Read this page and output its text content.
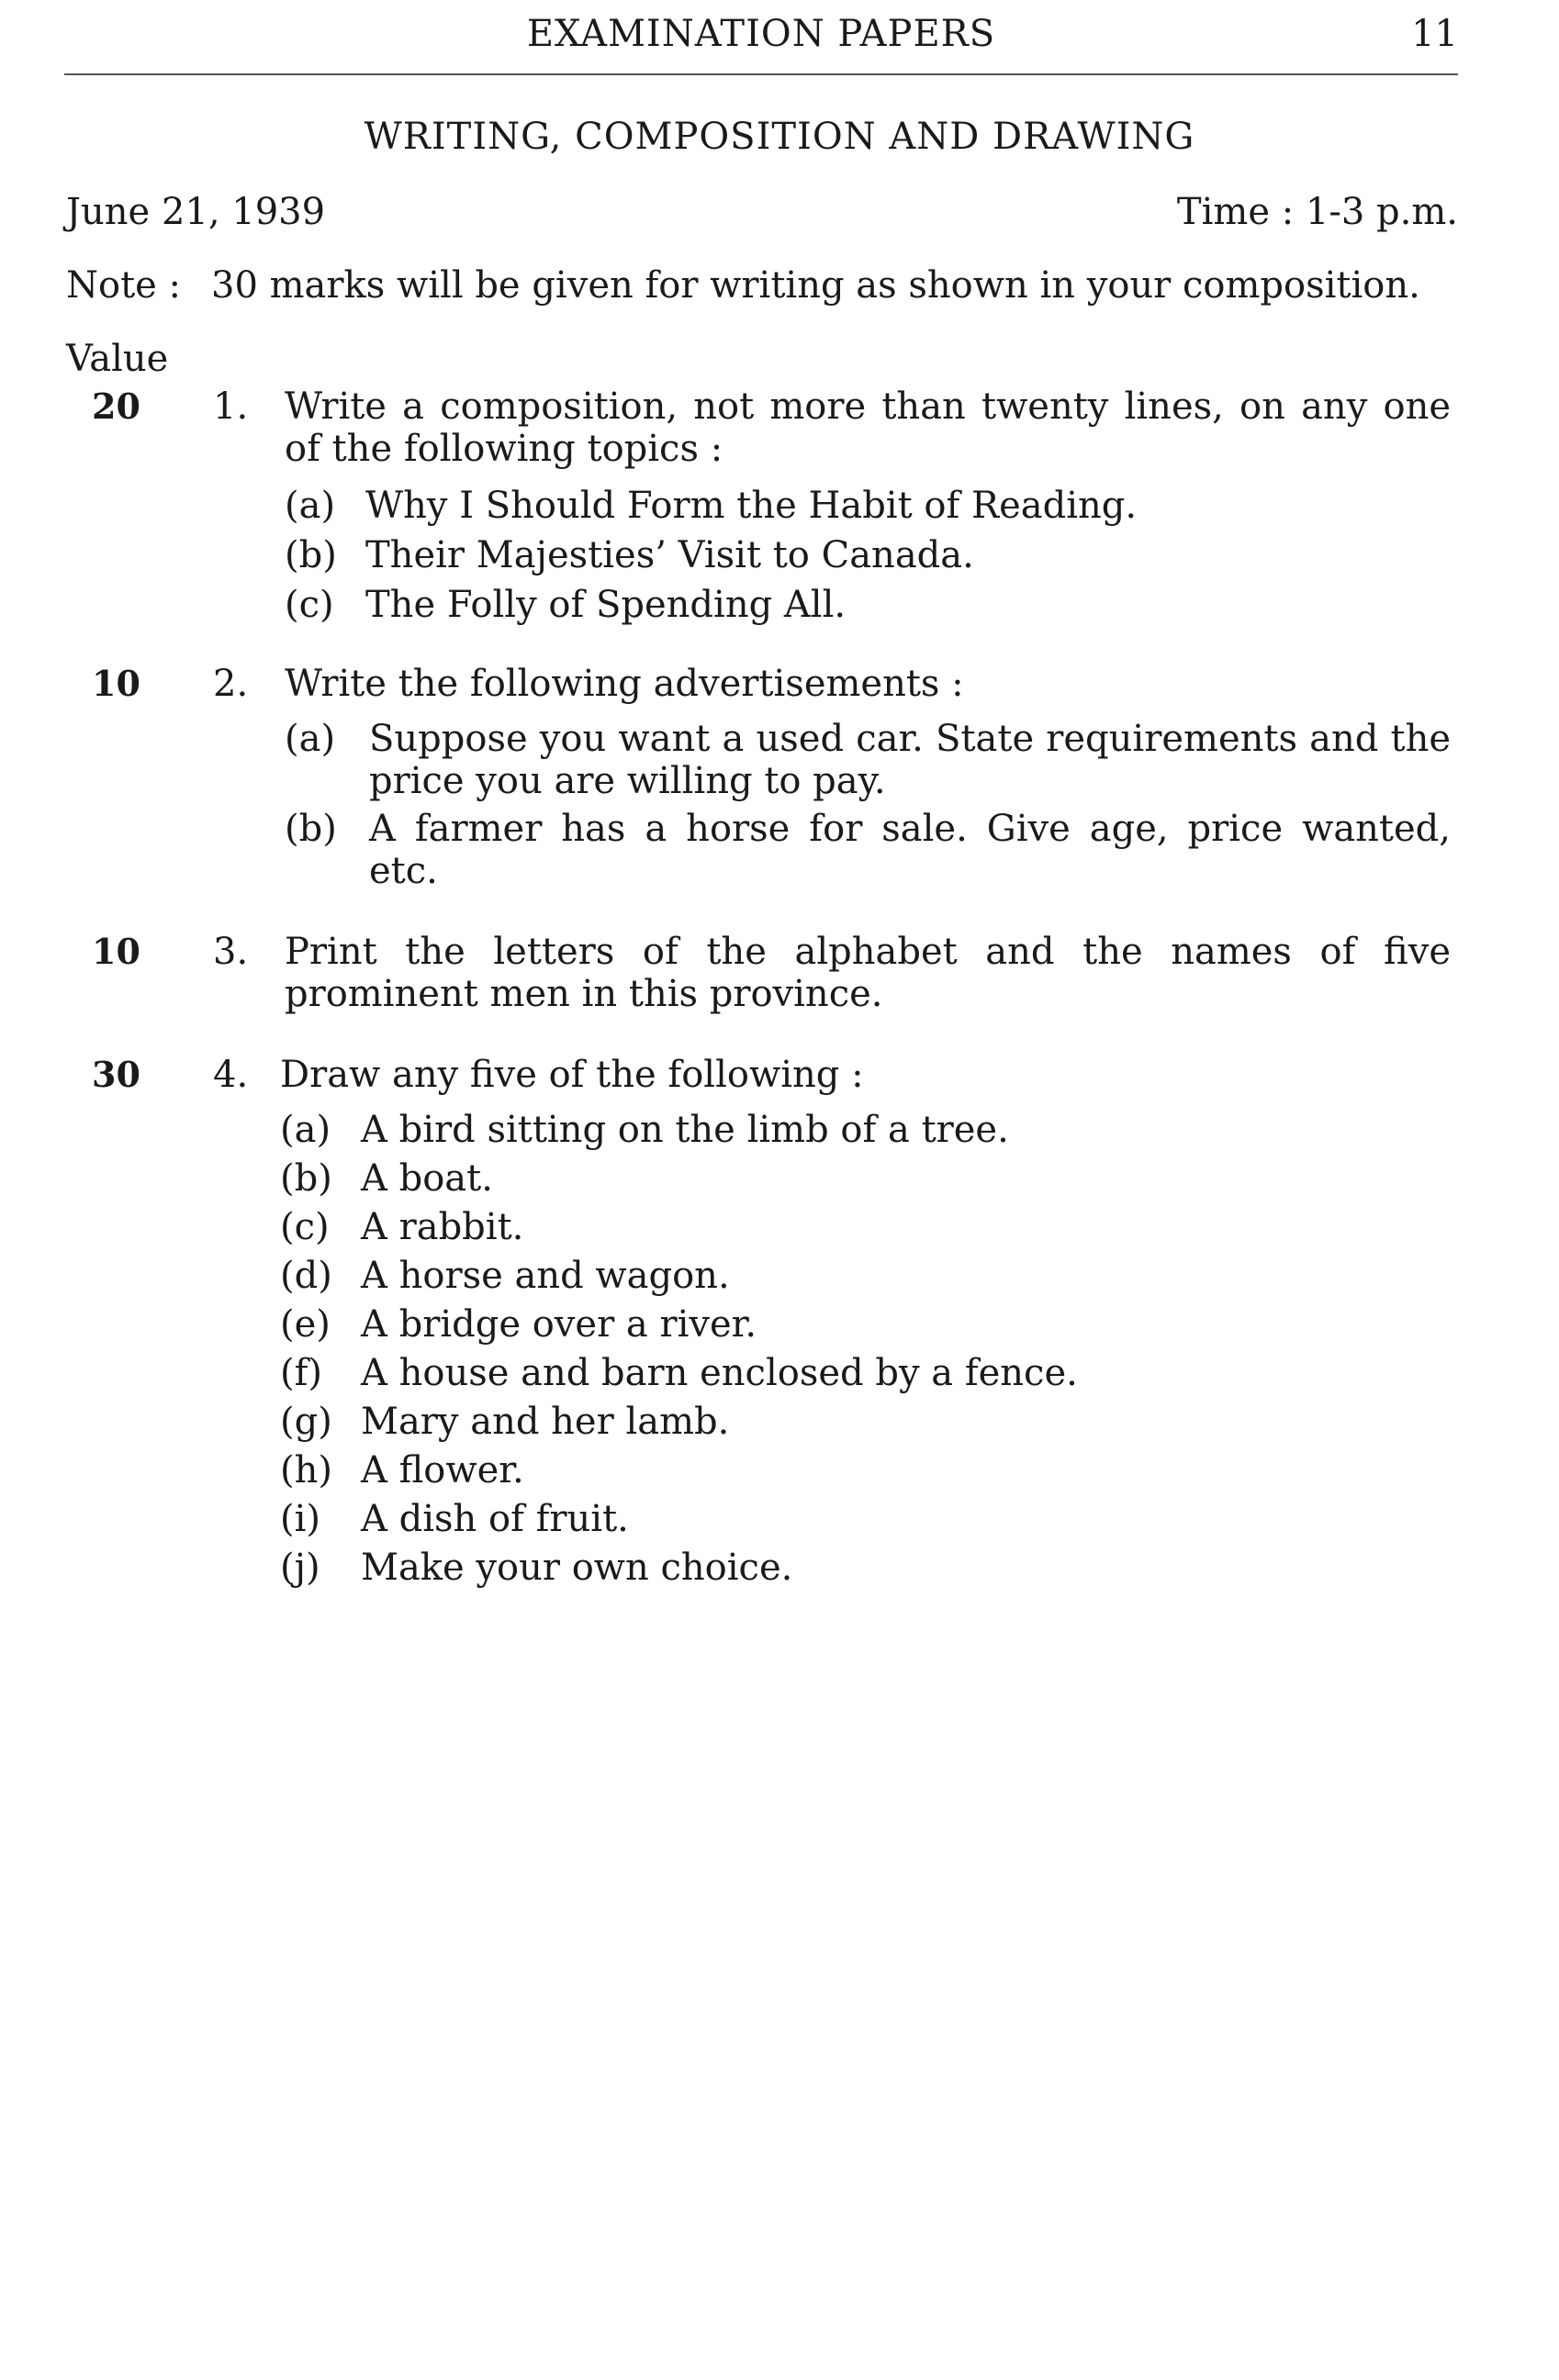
EXAMINATION PAPERS	11
WRITING, COMPOSITION AND DRAWING
June 21, 1939	Time : 1-3 p.m.
Note : 30 marks will be given for writing as shown in your composition.
Value
20 1. Write a composition, not more than twenty lines, on any one of the following topics :
(a) Why I Should Form the Habit of Reading.
(b) Their Majesties’ Visit to Canada.
(c) The Folly of Spending All.
10 2. Write the following advertisements :
(a) Suppose you want a used car. State requirements and the price you are willing to pay.
(b) A farmer has a horse for sale. Give age, price wanted, etc.
10 3. Print the letters of the alphabet and the names of five prominent men in this province.
30 4. Draw any five of the following :
(a) A bird sitting on the limb of a tree.
(b) A boat.
(c) A rabbit.
(d) A horse and wagon.
(e) A bridge over a river.
(f) A house and barn enclosed by a fence.
(g) Mary and her lamb.
(h) A flower.
(i) A dish of fruit.
(j) Make your own choice.
